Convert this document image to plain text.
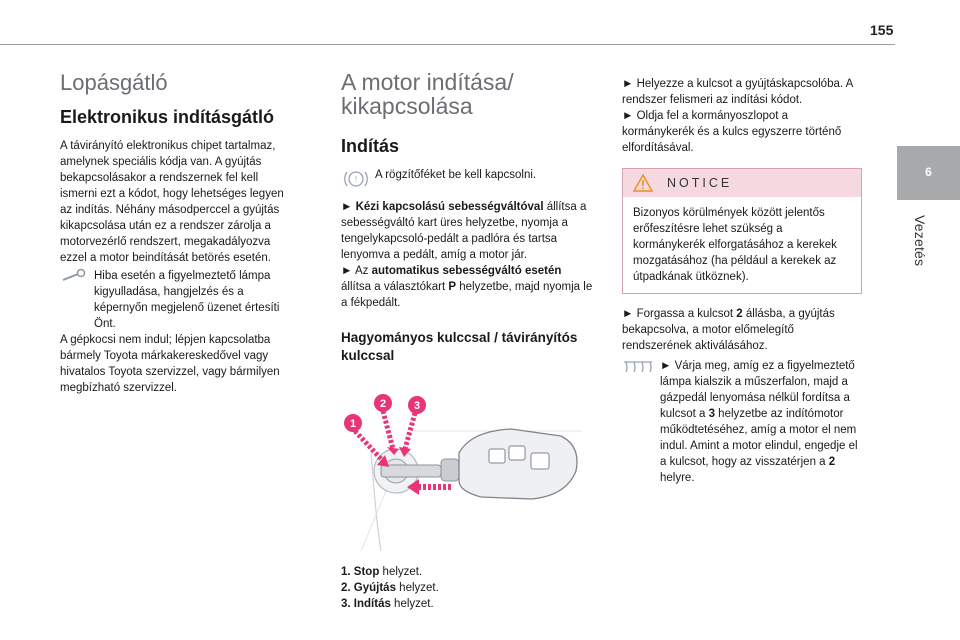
155
6
Vezetés
Lopásgátló
Elektronikus indításgátló

A távirányító elektronikus chipet tartalmaz, amelynek speciális kódja van. A gyújtás bekapcsolásakor a rendszernek fel kell ismerni ezt a kódot, hogy lehetséges legyen az indítás. Néhány másodperccel a gyújtás kikapcsolása után ez a rendszer zárolja a motorvezérlő rendszert, megakadályozva ezzel a motor beindítását betörés esetén.

Hiba esetén a figyelmeztető lámpa kigyulladása, hangjelzés és a képernyőn megjelenő üzenet értesíti Önt.

A gépkocsi nem indul; lépjen kapcsolatba bármely Toyota márkakereskedővel vagy hivatalos Toyota szervizzel, vagy bármilyen megbízható szervizzel.

A motor indítása/ kikapcsolása
Indítás
! A rögzítőféket be kell kapcsolni.

► Kézi kapcsolású sebességváltóval állítsa a sebességváltó kart üres helyzetbe, nyomja a tengelykapcsoló-pedált a padlóra és tartsa lenyomva a pedált, amíg a motor jár.

► Az automatikus sebességváltó esetén állítsa a választókart P helyzetbe, majd nyomja le a fékpedált.

Hagyományos kulccsal / távirányítós kulccsal
1
2	3

1. Stop helyzet.

2. Gyújtás helyzet.

3. Indítás helyzet.

► Helyezze a kulcsot a gyújtáskapcsolóba. A rendszer felismeri az indítási kódot.

► Oldja fel a kormányoszlopot a kormánykerék és a kulcs egyszerre történő elfordításával.

NOTICE

Bizonyos körülmények között jelentős erőfeszítésre lehet szükség a kormánykerék elforgatásához a kerekek mozgatásához (ha például a kerekek az útpadkának ütköznek).

► Forgassa a kulcsot 2 állásba, a gyújtás bekapcsolva, a motor előmelegítő rendszerének aktiválásához.

► Várja meg, amíg ez a figyelmeztető lámpa kialszik a műszerfalon, majd a gázpedál lenyomása nélkül fordítsa a kulcsot a 3 helyzetbe az indítómotor működtetéséhez, amíg a motor el nem indul. Amint a motor elindul, engedje el a kulcsot, hogy az visszatérjen a 2 helyre.
